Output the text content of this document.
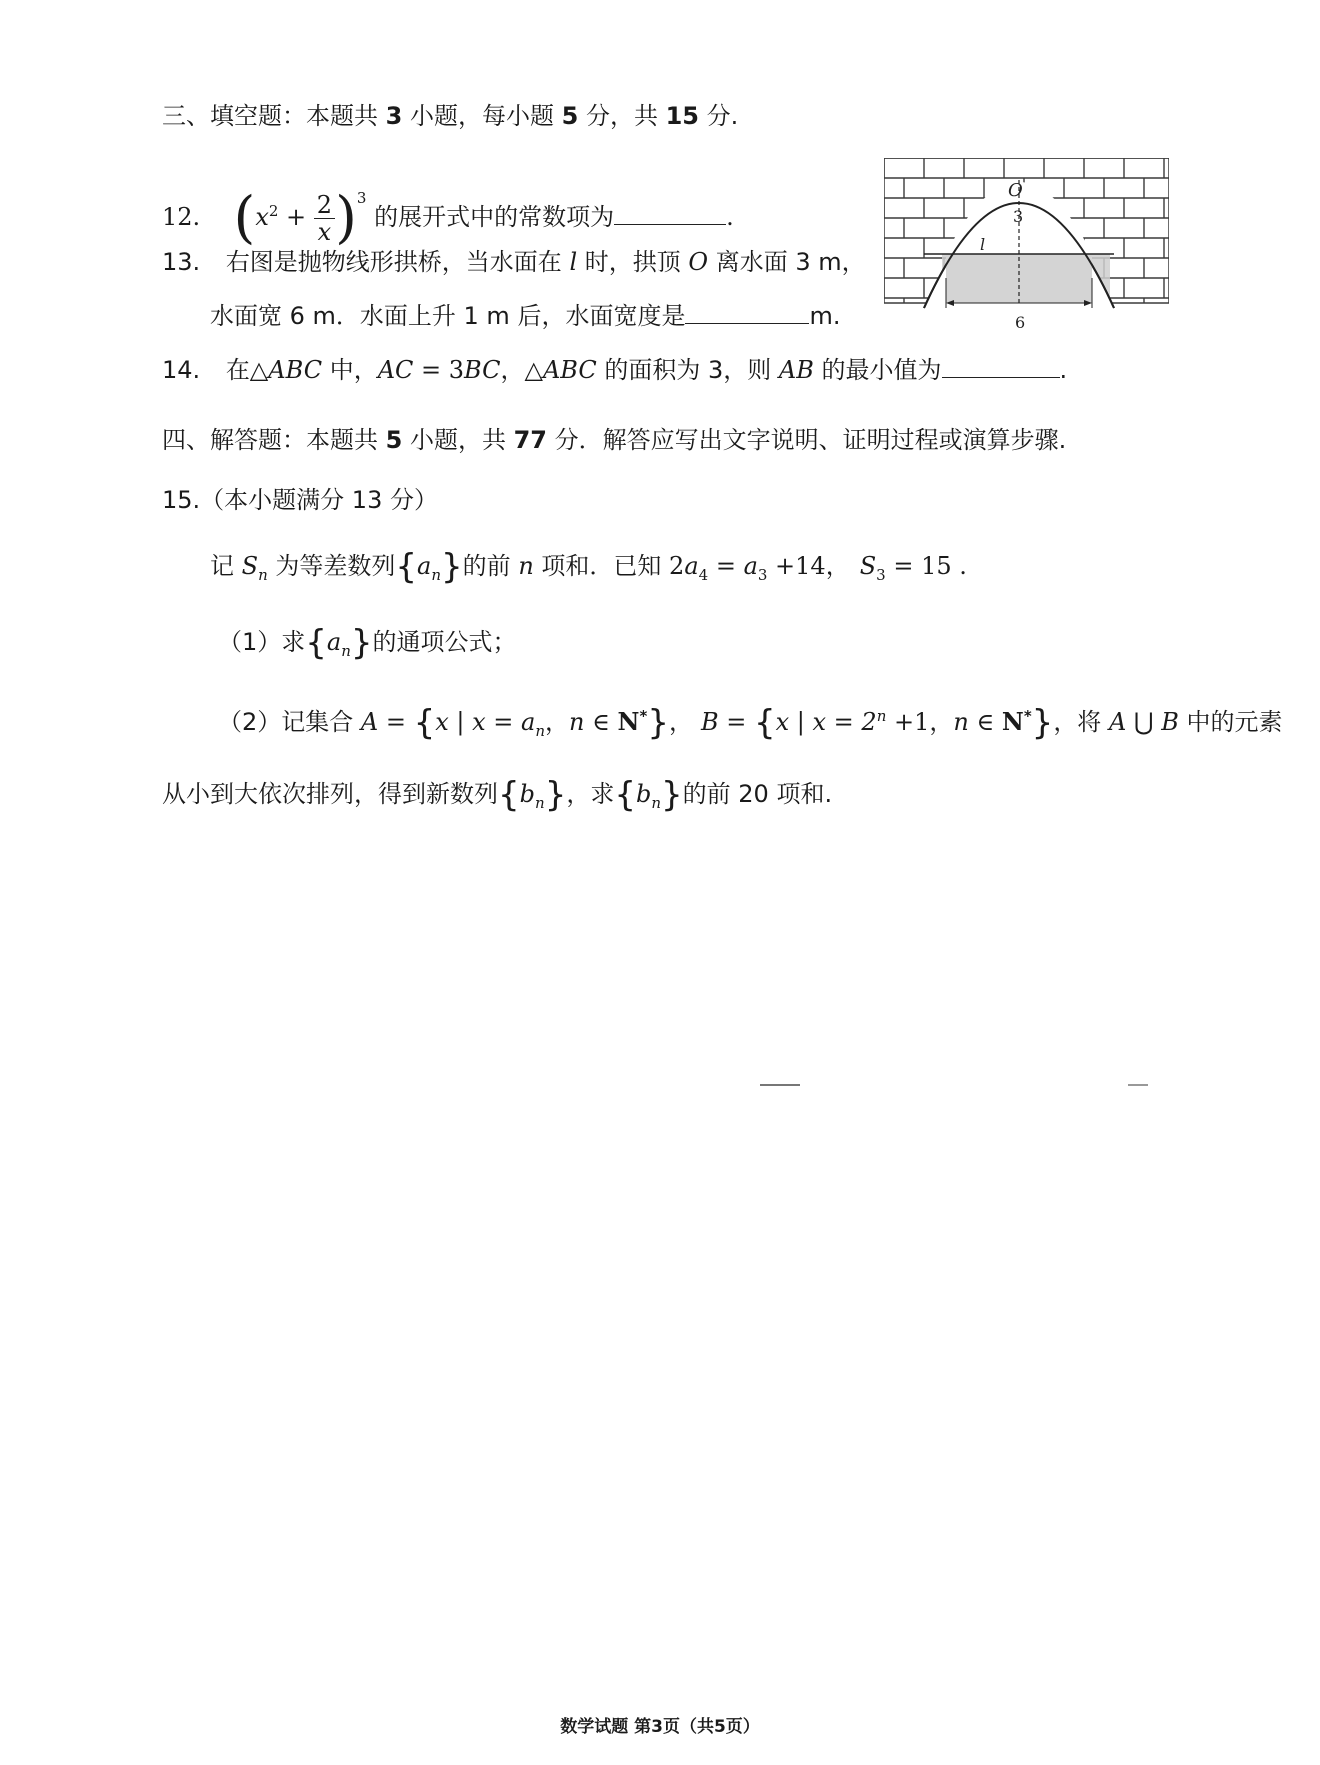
三、填空题：本题共 3 小题，每小题 5 分，共 15 分.
12. $(x^2 + \frac{2}{x} )^3$ 的展开式中的常数项为	.
13. 右图是抛物线形拱桥，当水面在 l 时，拱顶 O 离水面 3 m，
水面宽 6 m．水面上升 1 m 后，水面宽度是	m.
O
3
l
6
14. 在△ABC 中，AC = 3BC，△ABC 的面积为 3，则 AB 的最小值为	.
四、解答题：本题共 5 小题，共 77 分．解答应写出文字说明、证明过程或演算步骤.
15.（本小题满分 13 分）
记 $S_n$ 为等差数列$\{a_n\}$的前 n 项和．已知 $2a_4 = a_3 +14$， $S_3 = 15$ .
（1）求$\{a_n\}$的通项公式；
（2）记集合 A = {x | $x = a_n$，n ∈ N*}， B = {x | $x = 2^n +1$，n ∈ N*}，将 A ⋃ B 中的元素
从小到大依次排列，得到新数列$\{b_n\}$，求$\{b_n\}$的前 20 项和.
数学试题 第3页（共5页）
